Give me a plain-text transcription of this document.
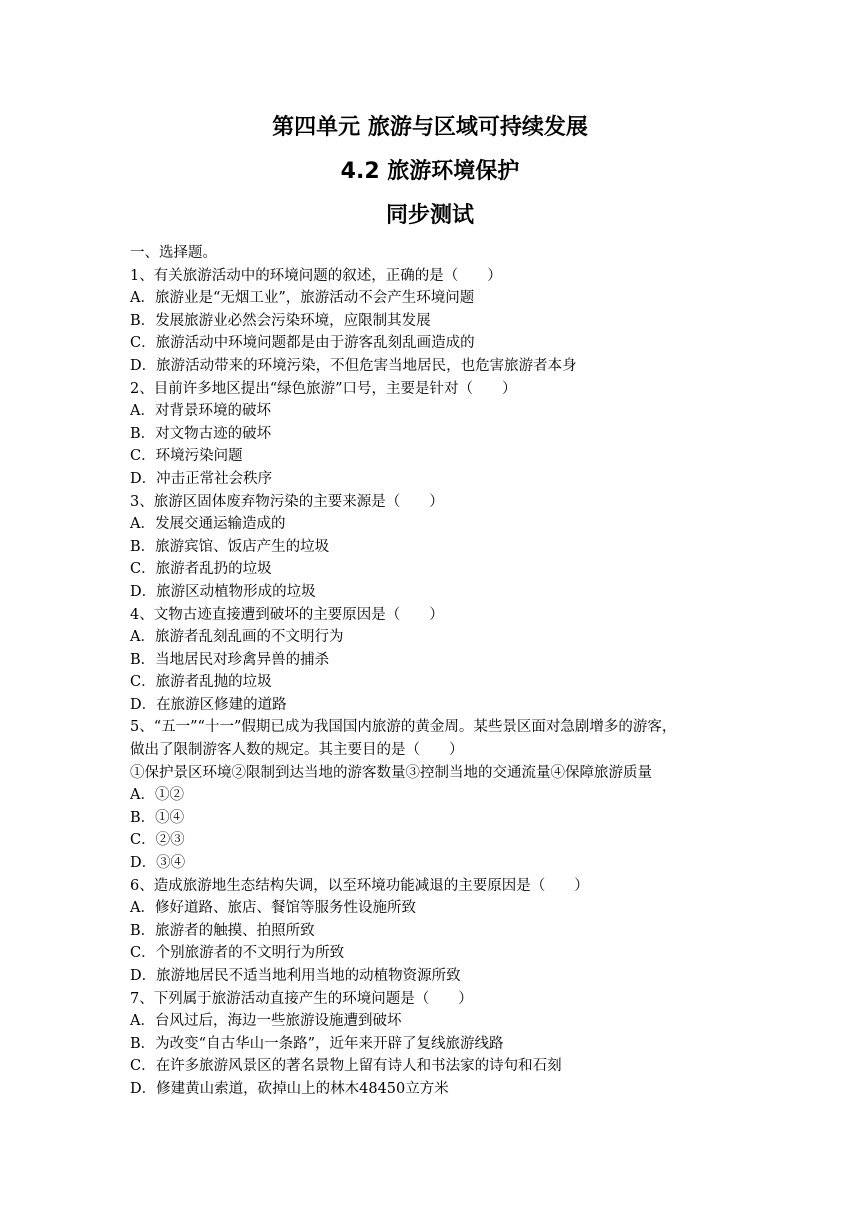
第四单元 旅游与区域可持续发展
4.2 旅游环境保护
同步测试
一、选择题。
1、有关旅游活动中的环境问题的叙述，正确的是（　　）
A．旅游业是“无烟工业”，旅游活动不会产生环境问题
B．发展旅游业必然会污染环境，应限制其发展
C．旅游活动中环境问题都是由于游客乱刻乱画造成的
D．旅游活动带来的环境污染，不但危害当地居民，也危害旅游者本身
2、目前许多地区提出“绿色旅游”口号，主要是针对（　　）
A．对背景环境的破坏
B．对文物古迹的破坏
C．环境污染问题
D．冲击正常社会秩序
3、旅游区固体废弃物污染的主要来源是（　　）
A．发展交通运输造成的
B．旅游宾馆、饭店产生的垃圾
C．旅游者乱扔的垃圾
D．旅游区动植物形成的垃圾
4、文物古迹直接遭到破坏的主要原因是（　　）
A．旅游者乱刻乱画的不文明行为
B．当地居民对珍禽异兽的捕杀
C．旅游者乱抛的垃圾
D．在旅游区修建的道路
5、“五一”“十一”假期已成为我国国内旅游的黄金周。某些景区面对急剧增多的游客，
做出了限制游客人数的规定。其主要目的是（　　）
①保护景区环境②限制到达当地的游客数量③控制当地的交通流量④保障旅游质量
A．①②
B．①④
C．②③
D．③④
6、造成旅游地生态结构失调，以至环境功能减退的主要原因是（　　）
A．修好道路、旅店、餐馆等服务性设施所致
B．旅游者的触摸、拍照所致
C．个别旅游者的不文明行为所致
D．旅游地居民不适当地利用当地的动植物资源所致
7、下列属于旅游活动直接产生的环境问题是（　　）
A．台风过后，海边一些旅游设施遭到破坏
B．为改变“自古华山一条路”，近年来开辟了复线旅游线路
C．在许多旅游风景区的著名景物上留有诗人和书法家的诗句和石刻
D．修建黄山索道，砍掉山上的林木48450立方米
